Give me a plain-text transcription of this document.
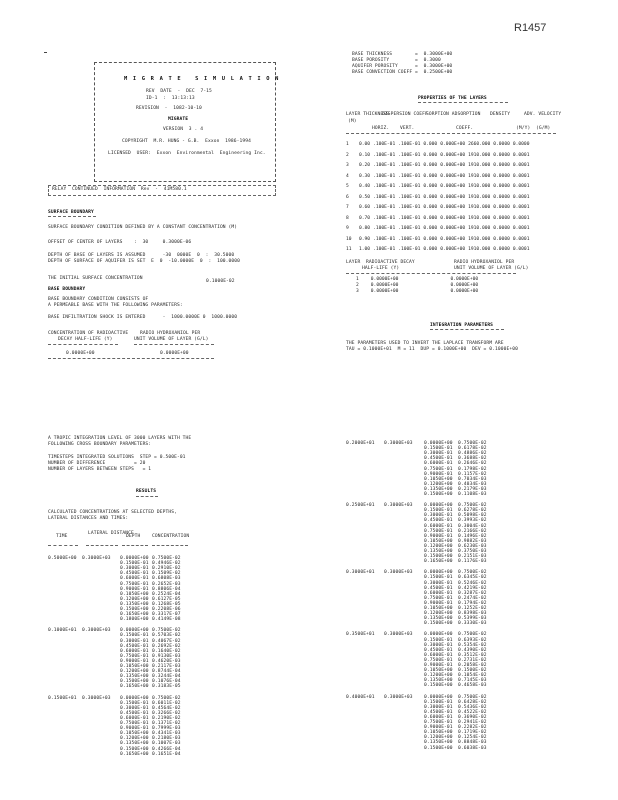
R1457
M I G R A T E   S I M U L A T I O N
REV  DATE  -  DEC  7-15
ID-1  :  13:13:13
REVISION  -  1082-10-10
MIGRATE
VERSION  3 . 4
COPYRIGHT  M.R. HUNG - G.B.  Exxon  1986-1994
LICENSED  USER:  Exxon  Environmental  Engineering Inc.
RELAY  CONTINUED  INFORMATION  Rev  -  41M580.1
SURFACE BOUNDARY
SURFACE BOUNDARY CONDITION DEFINED BY A CONSTANT CONCENTRATION (M)
OFFSET OF CENTER OF LAYERS    :  30     0.3000E-06
DEPTH OF BASE OF LAYERS IS ASSUMED      -30  0000E  0  :  30.5000
DEPTH OF SURFACE OF AQUIFER IS SET  E  0  -10.0000E  0  :  100.0000
THE INITIAL SURFACE CONCENTRATION
0.1000E-02
BASE BOUNDARY
BASE BOUNDARY CONDITION CONSISTS OF
A PERMEABLE BASE WITH THE FOLLOWING PARAMETERS:
BASE INFILTRATION SHOCK IS ENTERED      -  1000.0000E 0  1000.0000
CONCENTRATION OF RADIOACTIVE
DECAY HALF-LIFE (Y)
RADIO HYDROXANIOL PER
UNIT VOLUME OF LAYER (G/L)
0.0000E+00	0.0000E+00
BASE THICKNESS        =  0.3000E+00
BASE POROSITY         =  0.3000
AQUIFER POROSITY      =  0.3000E+00
BASE CONVECTION COEFF =  0.2500E+00
PROPERTIES OF THE LAYERS
LAYER THICKNESS
DISPERSION COEFF
SORPTION ADSORPTION DENSITY	ADV. VELOCITY
(M)
HORIZ. VERT.	COEFF.	(M/Y) (G/M)
1	0.00	.100E-01	.100E-01	0.000	0.000E+00	2660.000	0.0000	0.0000
2	0.10	.100E-01	.100E-01	0.000	0.000E+00	1910.000	0.0000	0.0001
3	0.20	.100E-01	.100E-01	0.000	0.000E+00	1910.000	0.0000	0.0001
4	0.30	.100E-01	.100E-01	0.000	0.000E+00	1910.000	0.0000	0.0001
5	0.40	.100E-01	.100E-01	0.000	0.000E+00	1910.000	0.0000	0.0001
6	0.50	.100E-01	.100E-01	0.000	0.000E+00	1910.000	0.0000	0.0001
7	0.60	.100E-01	.100E-01	0.000	0.000E+00	1910.000	0.0000	0.0001
8	0.70	.100E-01	.100E-01	0.000	0.000E+00	1910.000	0.0000	0.0001
9	0.80	.100E-01	.100E-01	0.000	0.000E+00	1910.000	0.0000	0.0001
10	0.90	.100E-01	.100E-01	0.000	0.000E+00	1910.000	0.0000	0.0001
11	1.00	.100E-01	.100E-01	0.000	0.000E+00	1910.000	0.0000	0.0001
LAYER  RADIOACTIVE DECAY
HALF-LIFE (Y)
RADIO HYDROXANIOL PER
UNIT VOLUME OF LAYER (G/L)
1	0.0000E+00	0.0000E+00
2	0.0000E+00	0.0000E+00
3	0.0000E+00	0.0000E+00
INTEGRATION PARAMETERS
THE PARAMETERS USED TO INVERT THE LAPLACE TRANSFORM ARE
TAU = 0.1000E+01  M = 11  DUP = 0.1000E+00  DEV = 0.1000E+00
A TROPIC INTEGRATION LEVEL OF 3000 LAYERS WITH THE
FOLLOWING CROSS BOUNDARY PARAMETERS:
TIMESTEPS INTEGRATED SOLUTIONS  STEP = 0.500E-01
NUMBER OF DIFFERENCE          = 20
NUMBER OF LAYERS BETWEEN STEPS   = 1
RESULTS
CALCULATED CONCENTRATIONS AT SELECTED DEPTHS,
LATERAL DISTANCES AND TIMES:
TIME
LATERAL DISTANCE
DEPTH	CONCENTRATION
0.5000E+00 0.3000E+03 0.0000E+00 0.7500E-02
0.1500E-01 0.4946E-02
0.3000E-01 0.2910E-02
0.4500E-01 0.1509E-02
0.6000E-01 0.6808E-03
0.7500E-01 0.2652E-03
0.9000E-01 0.8806E-04
0.1050E+00 0.2524E-04
0.1200E+00 0.6127E-05
0.1350E+00 0.1268E-05
0.1500E+00 0.2208E-06
0.1650E+00 0.3317E-07
0.1800E+00 0.4149E-08
0.1000E+01 0.3000E+03 0.0000E+00 0.7500E-02
0.1500E-01 0.5703E-02
0.3000E-01 0.4067E-02
0.4500E-01 0.2692E-02
0.6000E-01 0.1640E-02
0.7500E-01 0.9130E-03
0.9000E-01 0.4620E-03
0.1050E+00 0.2117E-03
0.1200E+00 0.8744E-04
0.1350E+00 0.3244E-04
0.1500E+00 0.1076E-04
0.1650E+00 0.3183E-05
0.1500E+01 0.3000E+03 0.0000E+00 0.7500E-02
0.1500E-01 0.6011E-02
0.3000E-01 0.4564E-02
0.4500E-01 0.3266E-02
0.6000E-01 0.2190E-02
0.7500E-01 0.1371E-02
0.9000E-01 0.7999E-03
0.1050E+00 0.4341E-03
0.1200E+00 0.2180E-03
0.1350E+00 0.1007E-03
0.1500E+00 0.4266E-04
0.1650E+00 0.1651E-04
0.2000E+01 0.3000E+03 0.0000E+00 0.7500E-02
0.1500E-01 0.6178E-02
0.3000E-01 0.4886E-02
0.4500E-01 0.3688E-02
0.6000E-01 0.2646E-02
0.7500E-01 0.1798E-02
0.9000E-01 0.1157E-02
0.1050E+00 0.7034E-03
0.1200E+00 0.4034E-03
0.1350E+00 0.2179E-03
0.1500E+00 0.1108E-03
0.2500E+01 0.3000E+03 0.0000E+00 0.7500E-02
0.1500E-01 0.6278E-02
0.3000E-01 0.5098E-02
0.4500E-01 0.3993E-02
0.6000E-01 0.3004E-02
0.7500E-01 0.2166E-02
0.9000E-01 0.1496E-02
0.1050E+00 0.9882E-03
0.1200E+00 0.6230E-03
0.1350E+00 0.3750E-03
0.1500E+00 0.2151E-03
0.1650E+00 0.1176E-03
0.3000E+01 0.3000E+03 0.0000E+00 0.7500E-02
0.1500E-01 0.6345E-02
0.3000E-01 0.5246E-02
0.4500E-01 0.4219E-02
0.6000E-01 0.3287E-02
0.7500E-01 0.2474E-02
0.9000E-01 0.1794E-02
0.1050E+00 0.1252E-02
0.1200E+00 0.8398E-03
0.1350E+00 0.5399E-03
0.1500E+00 0.3330E-03
0.3500E+01 0.3000E+03 0.0000E+00 0.7500E-02
0.1500E-01 0.6393E-02
0.3000E-01 0.5354E-02
0.4500E-01 0.4390E-02
0.6000E-01 0.3512E-02
0.7500E-01 0.2731E-02
0.9000E-01 0.2058E-02
0.1050E+00 0.1500E-02
0.1200E+00 0.1054E-02
0.1350E+00 0.7145E-03
0.1500E+00 0.4658E-03
0.4000E+01 0.3000E+03 0.0000E+00 0.7500E-02
0.1500E-01 0.6428E-02
0.3000E-01 0.5436E-02
0.4500E-01 0.4522E-02
0.6000E-01 0.3690E-02
0.7500E-01 0.2941E-02
0.9000E-01 0.2282E-02
0.1050E+00 0.1719E-02
0.1200E+00 0.1254E-02
0.1350E+00 0.8848E-03
0.1500E+00 0.6038E-03
